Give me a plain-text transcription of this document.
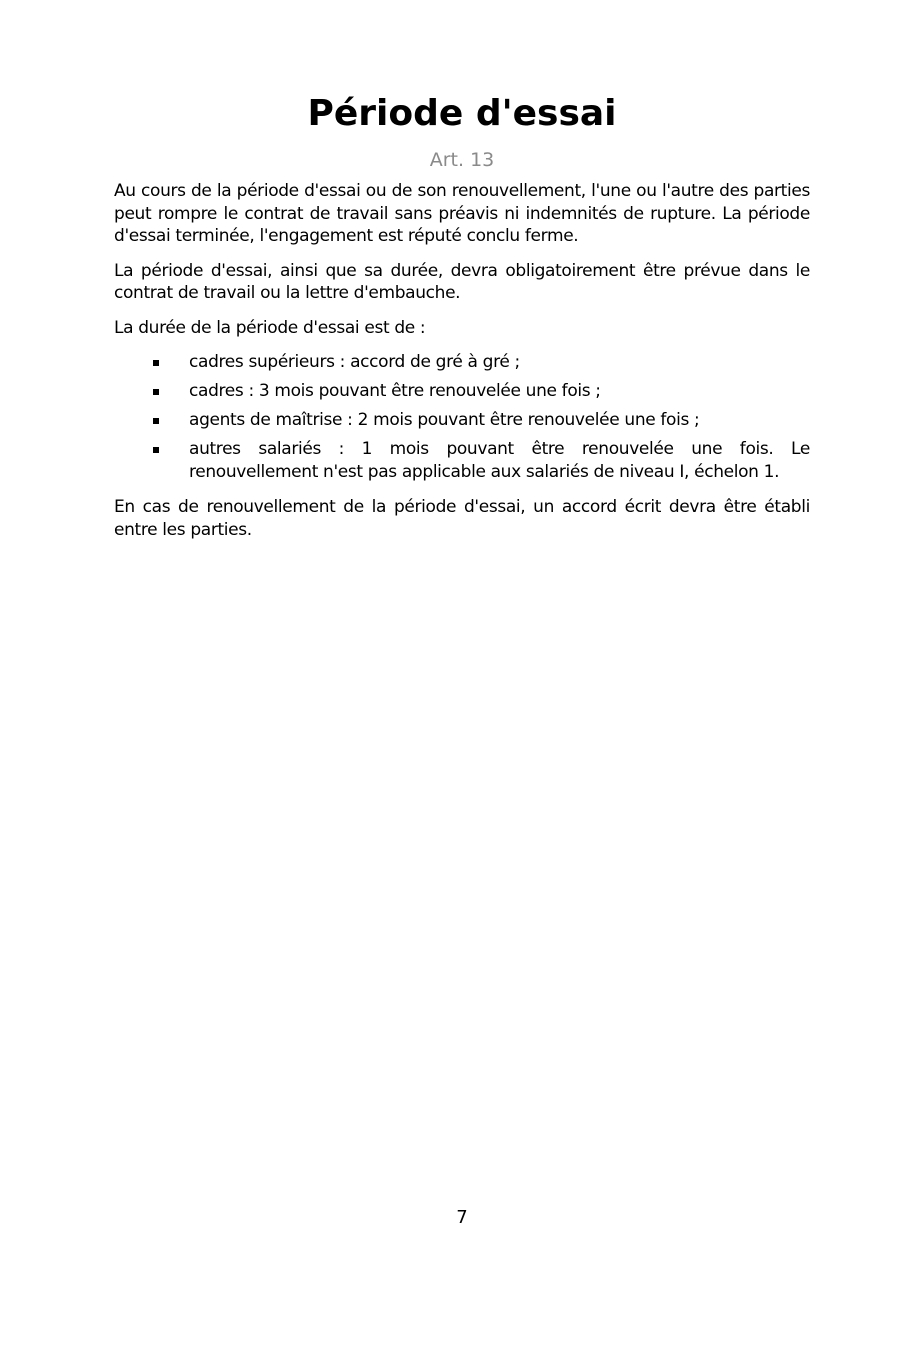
Période d'essai
Art. 13

Au cours de la période d'essai ou de son renouvellement, l'une ou l'autre des parties peut rompre le contrat de travail sans préavis ni indemnités de rupture. La période d'essai terminée, l'engagement est réputé conclu ferme.

La période d'essai, ainsi que sa durée, devra obligatoirement être prévue dans le contrat de travail ou la lettre d'embauche.

La durée de la période d'essai est de :

cadres supérieurs : accord de gré à gré ;
cadres : 3 mois pouvant être renouvelée une fois ;
agents de maîtrise : 2 mois pouvant être renouvelée une fois ;
autres salariés : 1 mois pouvant être renouvelée une fois. Le renouvellement n'est pas applicable aux salariés de niveau I, échelon 1.

En cas de renouvellement de la période d'essai, un accord écrit devra être établi entre les parties.

7
